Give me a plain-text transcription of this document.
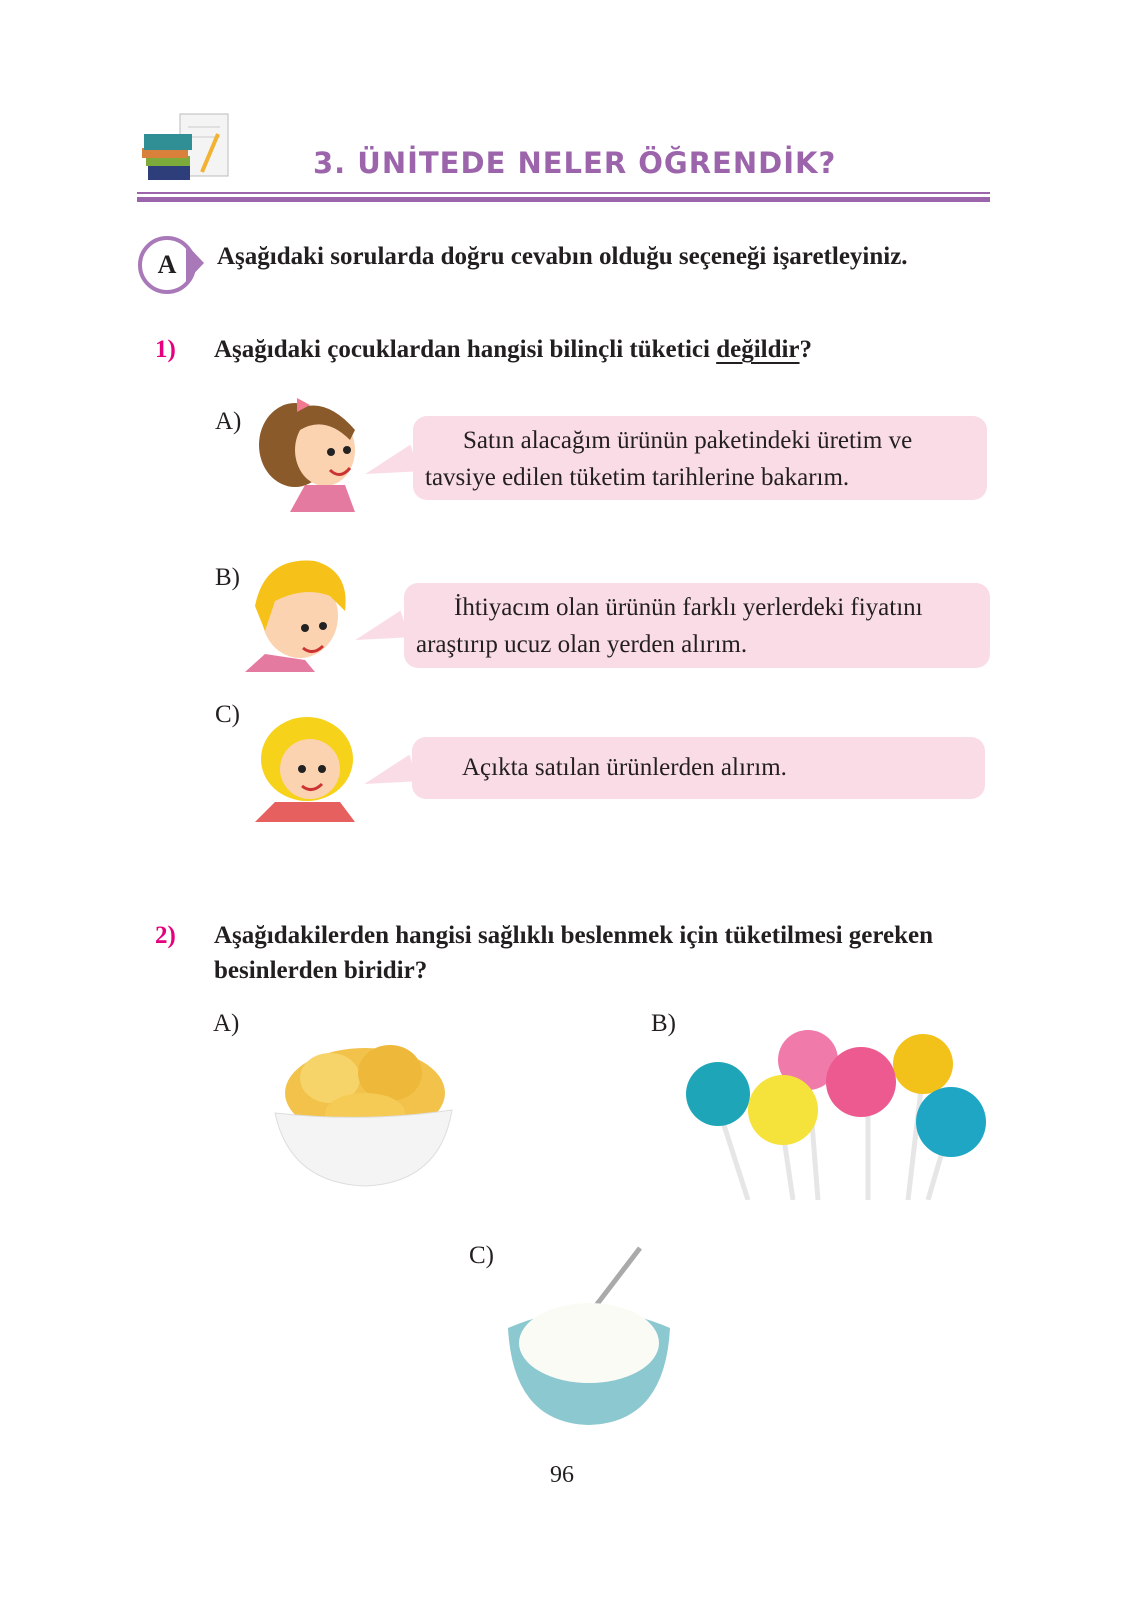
3. ÜNİTEDE NELER ÖĞRENDİK?
A	Aşağıdaki sorularda doğru cevabın olduğu seçeneği işaretleyiniz.
1) Aşağıdaki çocuklardan hangisi bilinçli tüketici değildir?
A)
Satın alacağım ürünün paketindeki üretim ve
tavsiye edilen tüketim tarihlerine bakarım.
B)
İhtiyacım olan ürünün farklı yerlerdeki fiyatını
araştırıp ucuz olan yerden alırım.
C)
Açıkta satılan ürünlerden alırım.
2) Aşağıdakilerden hangisi sağlıklı beslenmek için tüketilmesi gereken
besinlerden biridir?
A)	B)
C)
96
